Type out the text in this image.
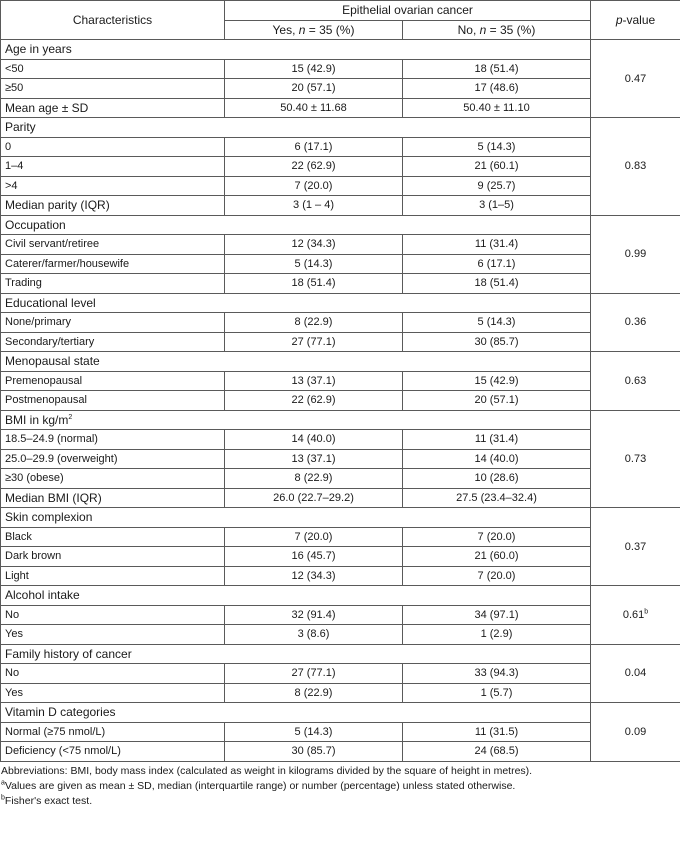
Characteristics	Epithelial ovarian cancer		p-value
	Yes, n = 35 (%)	No, n = 35 (%)	
Age in years			0.47
<50	15 (42.9)	18 (51.4)	
≥50	20 (57.1)	17 (48.6)	
Mean age ± SD	50.40 ± 11.68	50.40 ± 11.10	
Parity			0.83
0	6 (17.1)	5 (14.3)	
1–4	22 (62.9)	21 (60.1)	
>4	7 (20.0)	9 (25.7)	
Median parity (IQR)	3 (1 – 4)	3 (1–5)	
Occupation			0.99
Civil servant/retiree	12 (34.3)	11 (31.4)	
Caterer/farmer/housewife	5 (14.3)	6 (17.1)	
Trading	18 (51.4)	18 (51.4)	
Educational level			0.36
None/primary	8 (22.9)	5 (14.3)	
Secondary/tertiary	27 (77.1)	30 (85.7)	
Menopausal state			0.63
Premenopausal	13 (37.1)	15 (42.9)	
Postmenopausal	22 (62.9)	20 (57.1)	
BMI in $kg/m^2$			0.73
18.5–24.9 (normal)	14 (40.0)	11 (31.4)	
25.0–29.9 (overweight)	13 (37.1)	14 (40.0)	
≥30 (obese)	8 (22.9)	10 (28.6)	
Median BMI (IQR)	26.0 (22.7–29.2)	27.5 (23.4–32.4)	
Skin complexion			0.37
Black	7 (20.0)	7 (20.0)	
Dark brown	16 (45.7)	21 (60.0)	
Light	12 (34.3)	7 (20.0)	
Alcohol intake			0.61$^b$
No	32 (91.4)	34 (97.1)	
Yes	3 (8.6)	1 (2.9)	
Family history of cancer			0.04
No	27 (77.1)	33 (94.3)	
Yes	8 (22.9)	1 (5.7)	
Vitamin D categories			0.09
Normal (≥75 nmol/L)	5 (14.3)	11 (31.5)	
Deficiency (<75 nmol/L)	30 (85.7)	24 (68.5)	
Abbreviations: BMI, body mass index (calculated as weight in kilograms divided by the square of height in metres).
$^a$Values are given as mean ± SD, median (interquartile range) or number (percentage) unless stated otherwise.
$^b$Fisher's exact test.
